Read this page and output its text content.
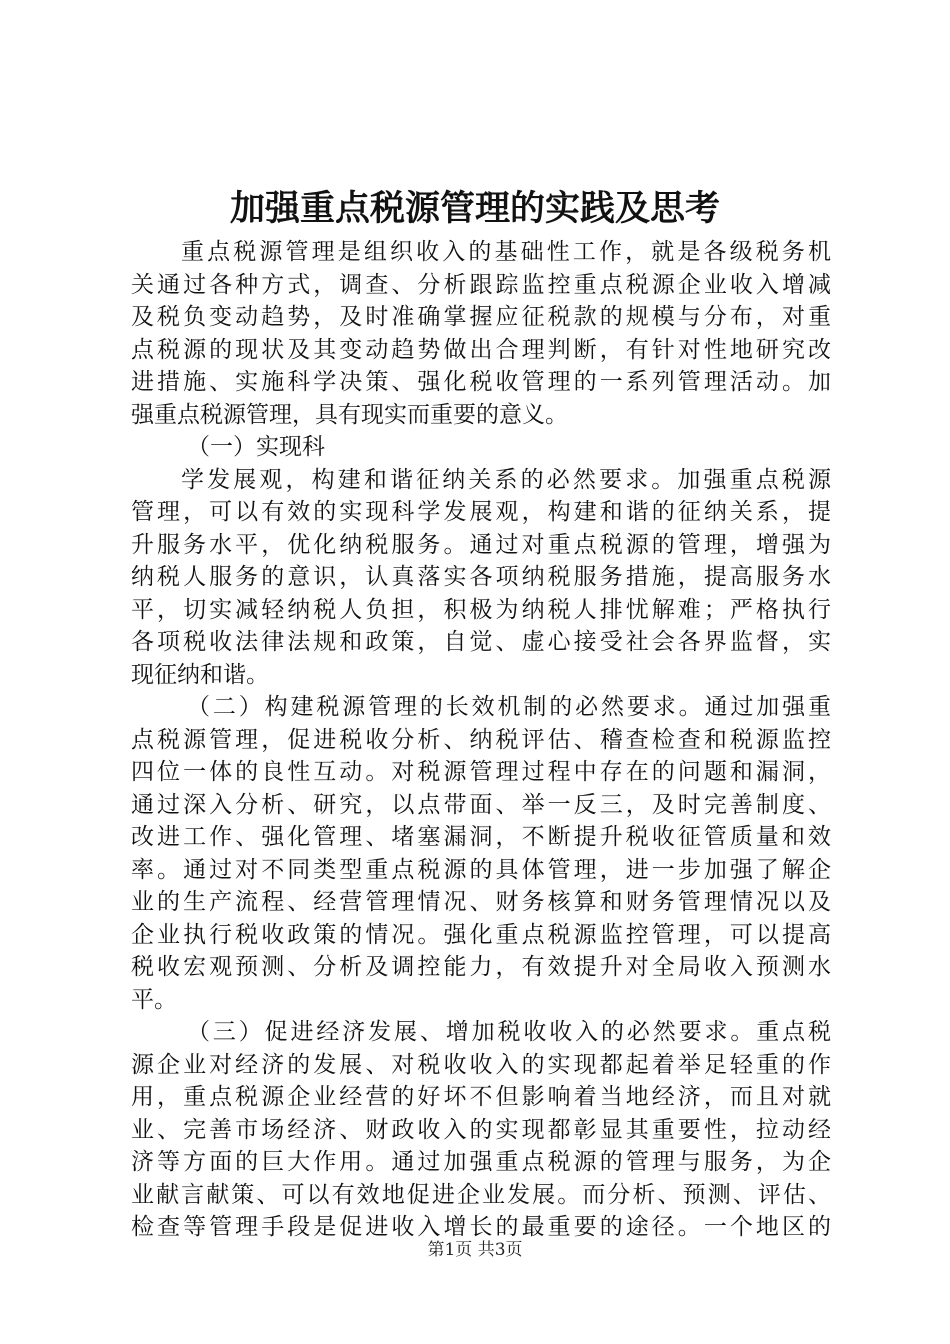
加强重点税源管理的实践及思考
重点税源管理是组织收入的基础性工作，就是各级税务机
关通过各种方式，调查、分析跟踪监控重点税源企业收入增减
及税负变动趋势，及时准确掌握应征税款的规模与分布，对重
点税源的现状及其变动趋势做出合理判断，有针对性地研究改
进措施、实施科学决策、强化税收管理的一系列管理活动。加
强重点税源管理，具有现实而重要的意义。
（一）实现科
学发展观，构建和谐征纳关系的必然要求。加强重点税源
管理，可以有效的实现科学发展观，构建和谐的征纳关系，提
升服务水平，优化纳税服务。通过对重点税源的管理，增强为
纳税人服务的意识，认真落实各项纳税服务措施，提高服务水
平，切实减轻纳税人负担，积极为纳税人排忧解难；严格执行
各项税收法律法规和政策，自觉、虚心接受社会各界监督，实
现征纳和谐。
（二）构建税源管理的长效机制的必然要求。通过加强重
点税源管理，促进税收分析、纳税评估、稽查检查和税源监控
四位一体的良性互动。对税源管理过程中存在的问题和漏洞，
通过深入分析、研究，以点带面、举一反三，及时完善制度、
改进工作、强化管理、堵塞漏洞，不断提升税收征管质量和效
率。通过对不同类型重点税源的具体管理，进一步加强了解企
业的生产流程、经营管理情况、财务核算和财务管理情况以及
企业执行税收政策的情况。强化重点税源监控管理，可以提高
税收宏观预测、分析及调控能力，有效提升对全局收入预测水
平。
（三）促进经济发展、增加税收收入的必然要求。重点税
源企业对经济的发展、对税收收入的实现都起着举足轻重的作
用，重点税源企业经营的好坏不但影响着当地经济，而且对就
业、完善市场经济、财政收入的实现都彰显其重要性，拉动经
济等方面的巨大作用。通过加强重点税源的管理与服务，为企
业献言献策、可以有效地促进企业发展。而分析、预测、评估、
检查等管理手段是促进收入增长的最重要的途径。一个地区的
第1页 共3页
